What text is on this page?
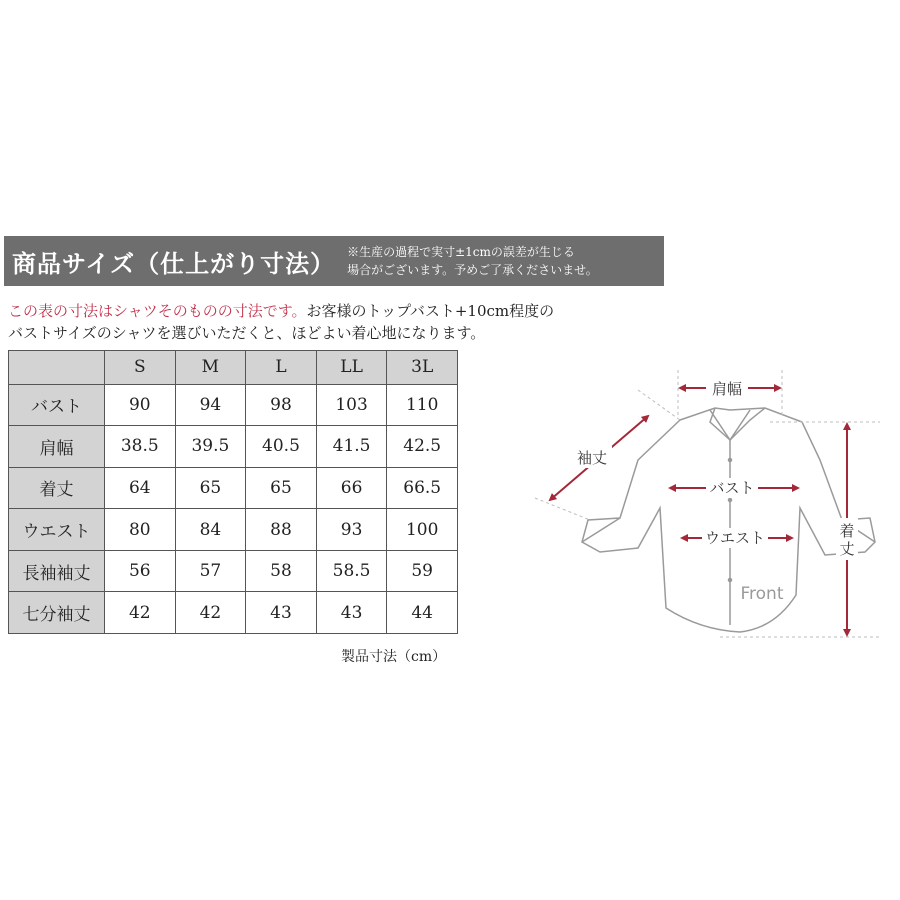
商品サイズ（仕上がり寸法） ※生産の過程で実寸±1cmの誤差が生じる
場合がございます。予めご了承くださいませ。
この表の寸法はシャツそのものの寸法です。お客様のトップバスト+10cm程度の
バストサイズのシャツを選びいただくと、ほどよい着心地になります。
	S	M	L	LL	3L
バスト	90	94	98	103	110
肩幅	38.5	39.5	40.5	41.5	42.5
着丈	64	65	65	66	66.5
ウエスト	80	84	88	93	100
長袖袖丈	56	57	58	58.5	59
七分袖丈	42	42	43	43	44
製品寸法（cm）
肩幅
袖丈
バスト
ウエスト	着
丈
Front
